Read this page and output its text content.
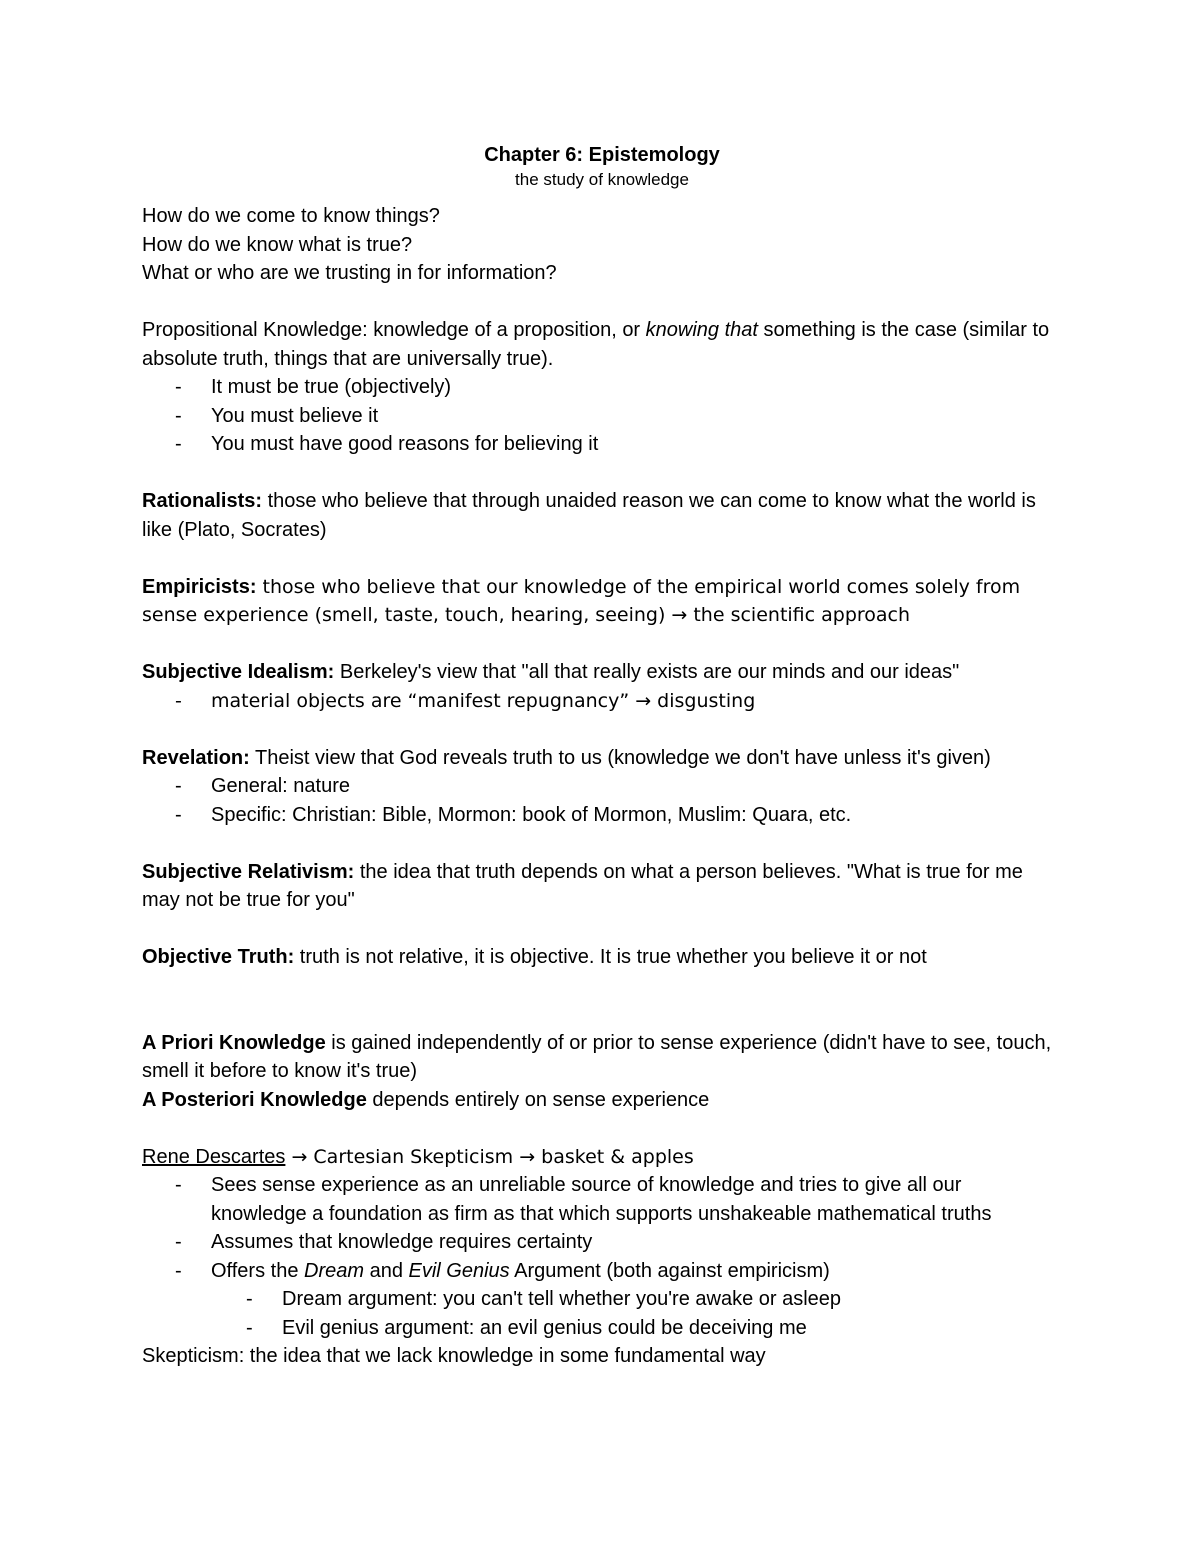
Chapter 6: Epistemology
the study of knowledge
How do we come to know things?
How do we know what is true?
What or who are we trusting in for information?
Propositional Knowledge: knowledge of a proposition, or knowing that something is the case (similar to absolute truth, things that are universally true).
- It must be true (objectively)
- You must believe it
- You must have good reasons for believing it
Rationalists: those who believe that through unaided reason we can come to know what the world is like (Plato, Socrates)
Empiricists: those who believe that our knowledge of the empirical world comes solely from sense experience (smell, taste, touch, hearing, seeing) → the scientific approach
Subjective Idealism: Berkeley's view that "all that really exists are our minds and our ideas"
- material objects are “manifest repugnancy” → disgusting
Revelation: Theist view that God reveals truth to us (knowledge we don't have unless it's given)
- General: nature
- Specific: Christian: Bible, Mormon: book of Mormon, Muslim: Quara, etc.
Subjective Relativism: the idea that truth depends on what a person believes. "What is true for me may not be true for you"
Objective Truth: truth is not relative, it is objective. It is true whether you believe it or not
A Priori Knowledge is gained independently of or prior to sense experience (didn't have to see, touch, smell it before to know it's true)
A Posteriori Knowledge depends entirely on sense experience
Rene Descartes → Cartesian Skepticism → basket & apples
- Sees sense experience as an unreliable source of knowledge and tries to give all our knowledge a foundation as firm as that which supports unshakeable mathematical truths
- Assumes that knowledge requires certainty
- Offers the Dream and Evil Genius Argument (both against empiricism)
- Dream argument: you can't tell whether you're awake or asleep
- Evil genius argument: an evil genius could be deceiving me
Skepticism: the idea that we lack knowledge in some fundamental way
